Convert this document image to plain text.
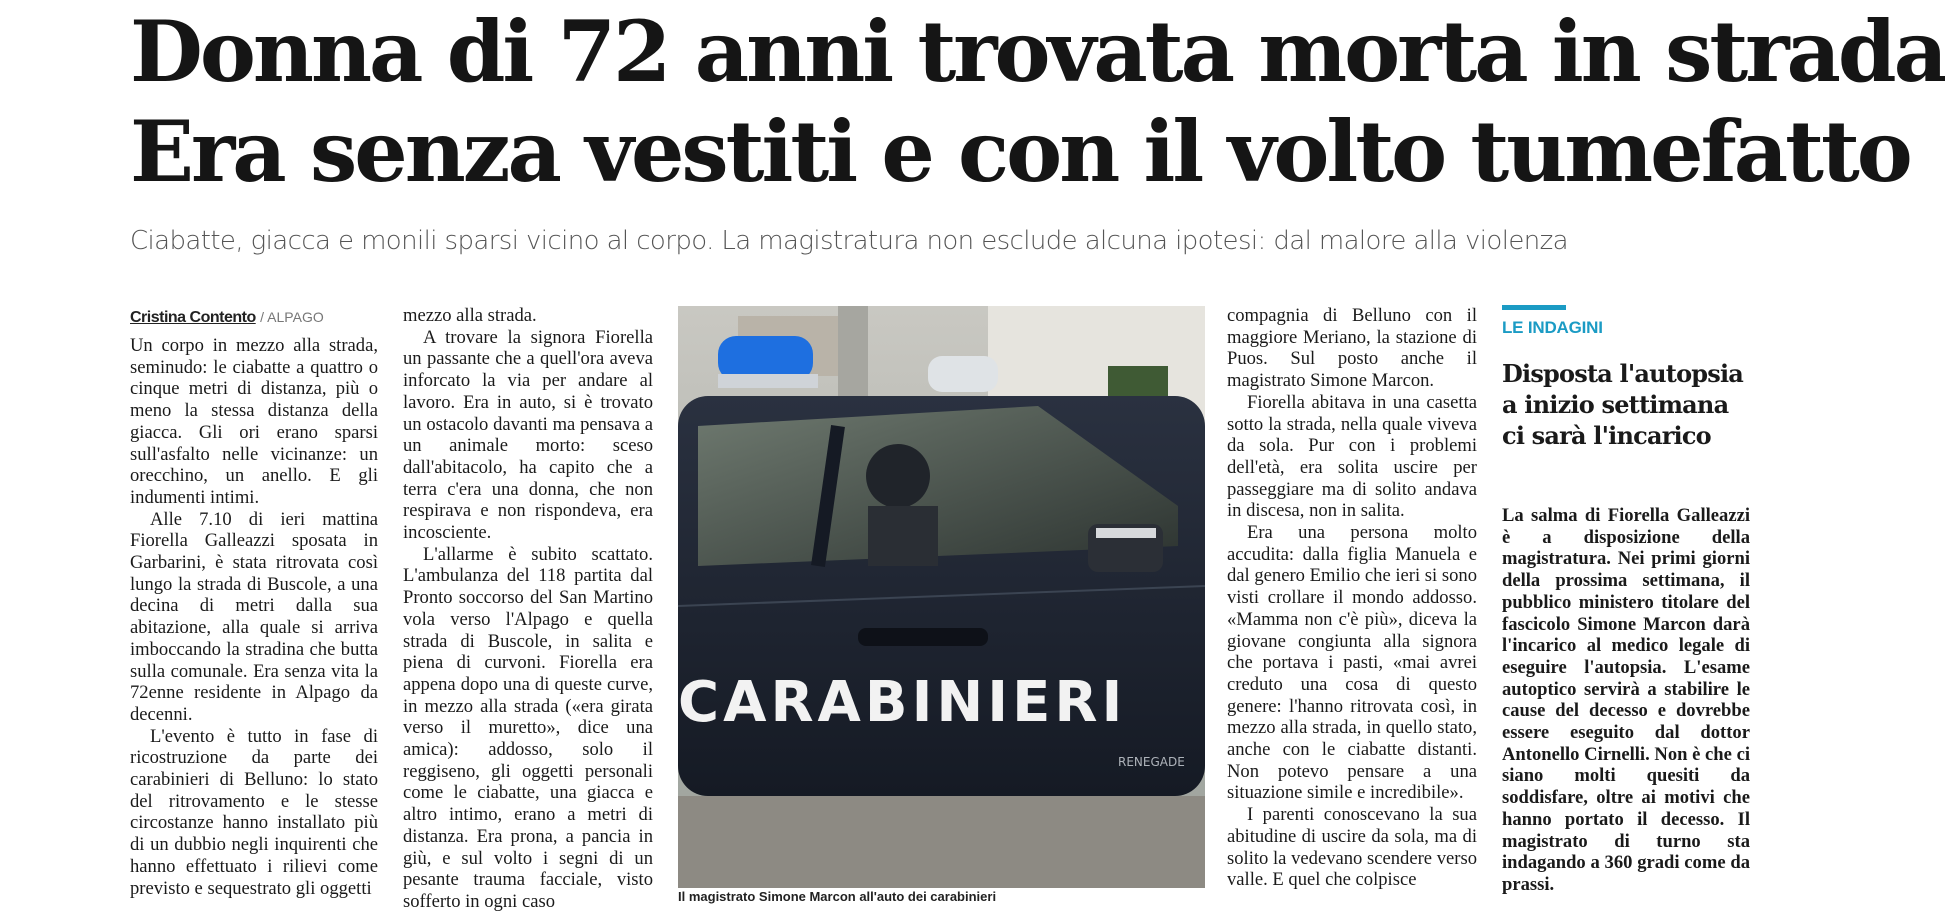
Donna di 72 anni trovata morta in strada
Era senza vestiti e con il volto tumefatto
Ciabatte, giacca e monili sparsi vicino al corpo. La magistratura non esclude alcuna ipotesi: dal malore alla violenza
Cristina Contento / ALPAGO

Un corpo in mezzo alla strada, seminudo: le ciabatte a quattro o cinque metri di distanza, più o meno la stessa distanza della giacca. Gli ori erano sparsi sull'asfalto nelle vicinanze: un orecchino, un anello. E gli indumenti intimi.

Alle 7.10 di ieri mattina Fiorella Galleazzi sposata in Garbarini, è stata ritrovata così lungo la strada di Buscole, a una decina di metri dalla sua abitazione, alla quale si arriva imboccando la stradina che butta sulla comunale. Era senza vita la 72enne residente in Alpago da decenni.

L'evento è tutto in fase di ricostruzione da parte dei carabinieri di Belluno: lo stato del ritrovamento e le stesse circostanze hanno installato più di un dubbio negli inquirenti che hanno effettuato i rilievi come previsto e sequestrato gli oggetti

mezzo alla strada.

A trovare la signora Fiorella un passante che a quell'ora aveva inforcato la via per andare al lavoro. Era in auto, si è trovato un ostacolo davanti ma pensava a un animale morto: sceso dall'abitacolo, ha capito che a terra c'era una donna, che non respirava e non rispondeva, era incosciente.

L'allarme è subito scattato. L'ambulanza del 118 partita dal Pronto soccorso del San Martino vola verso l'Alpago e quella strada di Buscole, in salita e piena di curvoni. Fiorella era appena dopo una di queste curve, in mezzo alla strada («era girata verso il muretto», dice una amica): addosso, solo il reggiseno, gli oggetti personali come le ciabatte, una giacca e altro intimo, erano a metri di distanza. Era prona, a pancia in giù, e sul volto i segni di un pesante trauma facciale, visto sofferto in ogni caso

CARABINIERI
RENEGADE
Il magistrato Simone Marcon all'auto dei carabinieri

compagnia di Belluno con il maggiore Meriano, la stazione di Puos. Sul posto anche il magistrato Simone Marcon.

Fiorella abitava in una casetta sotto la strada, nella quale viveva da sola. Pur con i problemi dell'età, era solita uscire per passeggiare ma di solito andava in discesa, non in salita.

Era una persona molto accudita: dalla figlia Manuela e dal genero Emilio che ieri si sono visti crollare il mondo addosso. «Mamma non c'è più», diceva la giovane congiunta alla signora che portava i pasti, «mai avrei creduto una cosa di questo genere: l'hanno ritrovata così, in mezzo alla strada, in quello stato, anche con le ciabatte distanti. Non potevo pensare a una situazione simile e incredibile».

I parenti conoscevano la sua abitudine di uscire da sola, ma di solito la vedevano scendere verso valle. E quel che colpisce

LE INDAGINI
Disposta l'autopsia a inizio settimana ci sarà l'incarico
La salma di Fiorella Galleazzi è a disposizione della magistratura. Nei primi giorni della prossima settimana, il pubblico ministero titolare del fascicolo Simone Marcon darà l'incarico al medico legale di eseguire l'autopsia. L'esame autoptico servirà a stabilire le cause del decesso e dovrebbe essere eseguito dal dottor Antonello Cirnelli. Non è che ci siano molti quesiti da soddisfare, oltre ai motivi che hanno portato il decesso. Il magistrato di turno sta indagando a 360 gradi come da prassi.
